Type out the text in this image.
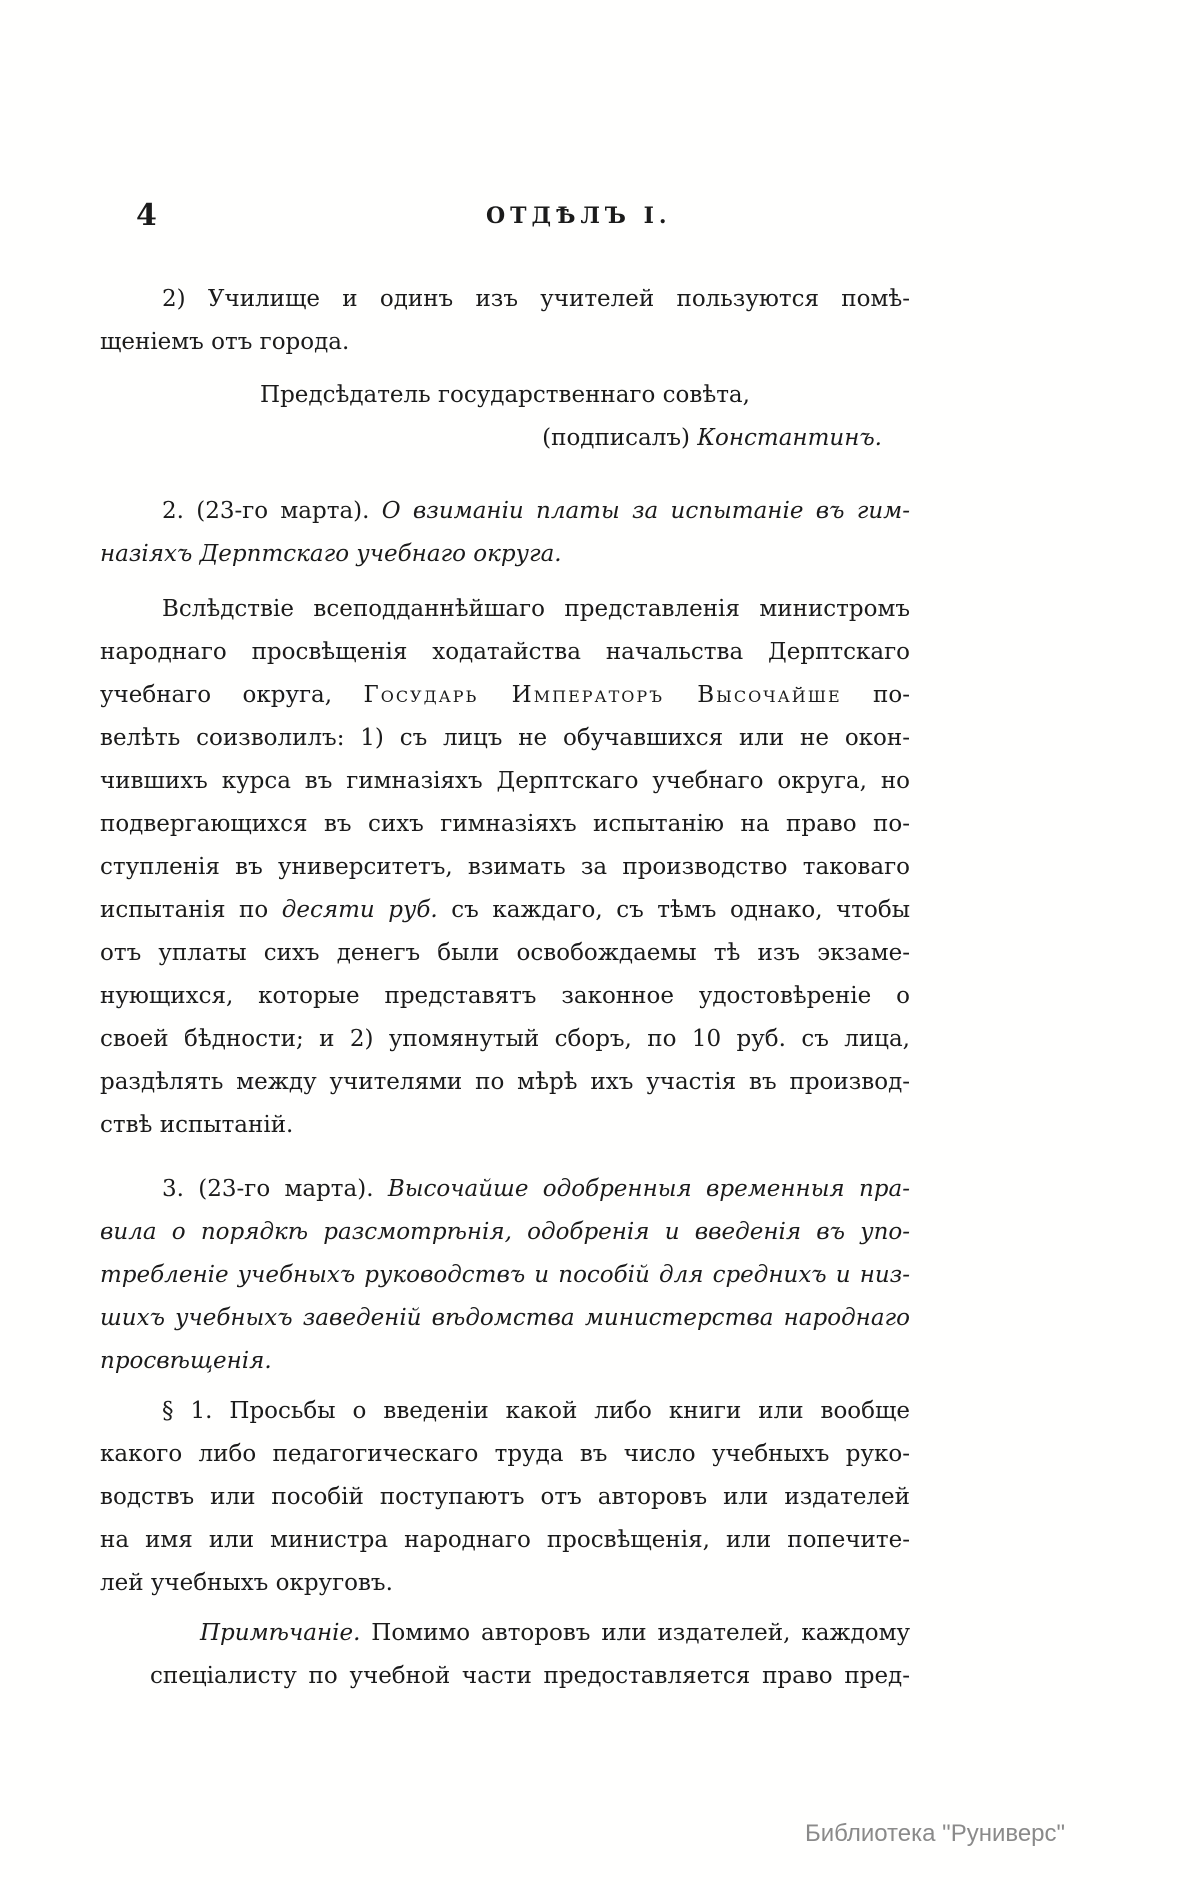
4	ОТДѢЛЪ I.
2) Училище и одинъ изъ учителей пользуются помѣ-
щеніемъ отъ города.
Предсѣдатель государственнаго совѣта,
(подписалъ) Константинъ.
2. (23-го марта). О взиманіи платы за испытаніе въ гим-
назіяхъ Дерптскаго учебнаго округа.
Вслѣдствіе всеподданнѣйшаго представленія министромъ
народнаго просвѣщенія ходатайства начальства Дерптскаго
учебнаго округа, Государь Императоръ Высочайше по-
велѣть соизволилъ: 1) съ лицъ не обучавшихся или не окон-
чившихъ курса въ гимназіяхъ Дерптскаго учебнаго округа, но
подвергающихся въ сихъ гимназіяхъ испытанію на право по-
ступленія въ университетъ, взимать за производство таковаго
испытанія по десяти руб. съ каждаго, съ тѣмъ однако, чтобы
отъ уплаты сихъ денегъ были освобождаемы тѣ изъ экзаме-
нующихся, которые представятъ законное удостовѣреніе о
своей бѣдности; и 2) упомянутый сборъ, по 10 руб. съ лица,
раздѣлять между учителями по мѣрѣ ихъ участія въ производ-
ствѣ испытаній.
3. (23-го марта). Высочайше одобренныя временныя пра-
вила о порядкѣ разсмотрѣнія, одобренія и введенія въ упо-
требленіе учебныхъ руководствъ и пособій для среднихъ и низ-
шихъ учебныхъ заведеній вѣдомства министерства народнаго
просвѣщенія.
§ 1. Просьбы о введеніи какой либо книги или вообще
какого либо педагогическаго труда въ число учебныхъ руко-
водствъ или пособій поступаютъ отъ авторовъ или издателей
на имя или министра народнаго просвѣщенія, или попечите-
лей учебныхъ округовъ.
Примѣчаніе. Помимо авторовъ или издателей, каждому
спеціалисту по учебной части предоставляется право пред-
Библиотека "Руниверс"
